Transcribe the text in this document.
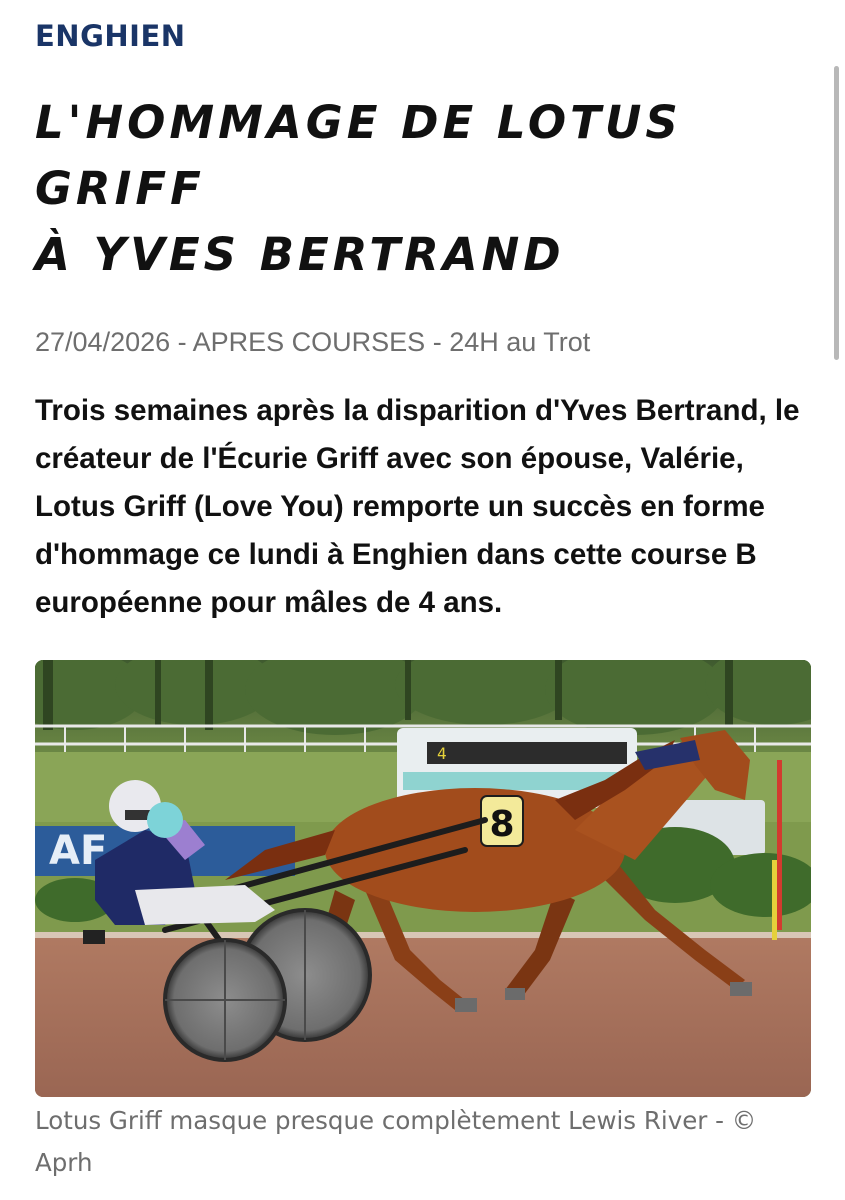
ENGHIEN
L'HOMMAGE DE LOTUS GRIFF
À YVES BERTRAND
27/04/2026 - APRES COURSES - 24H au Trot

Trois semaines après la disparition d'Yves Bertrand, le créateur de l'Écurie Griff avec son épouse, Valérie, Lotus Griff (Love You) remporte un succès en forme d'hommage ce lundi à Enghien dans cette course B européenne pour mâles de 4 ans.

4
AF
8
Lotus Griff masque presque complètement Lewis River - © Aprh
